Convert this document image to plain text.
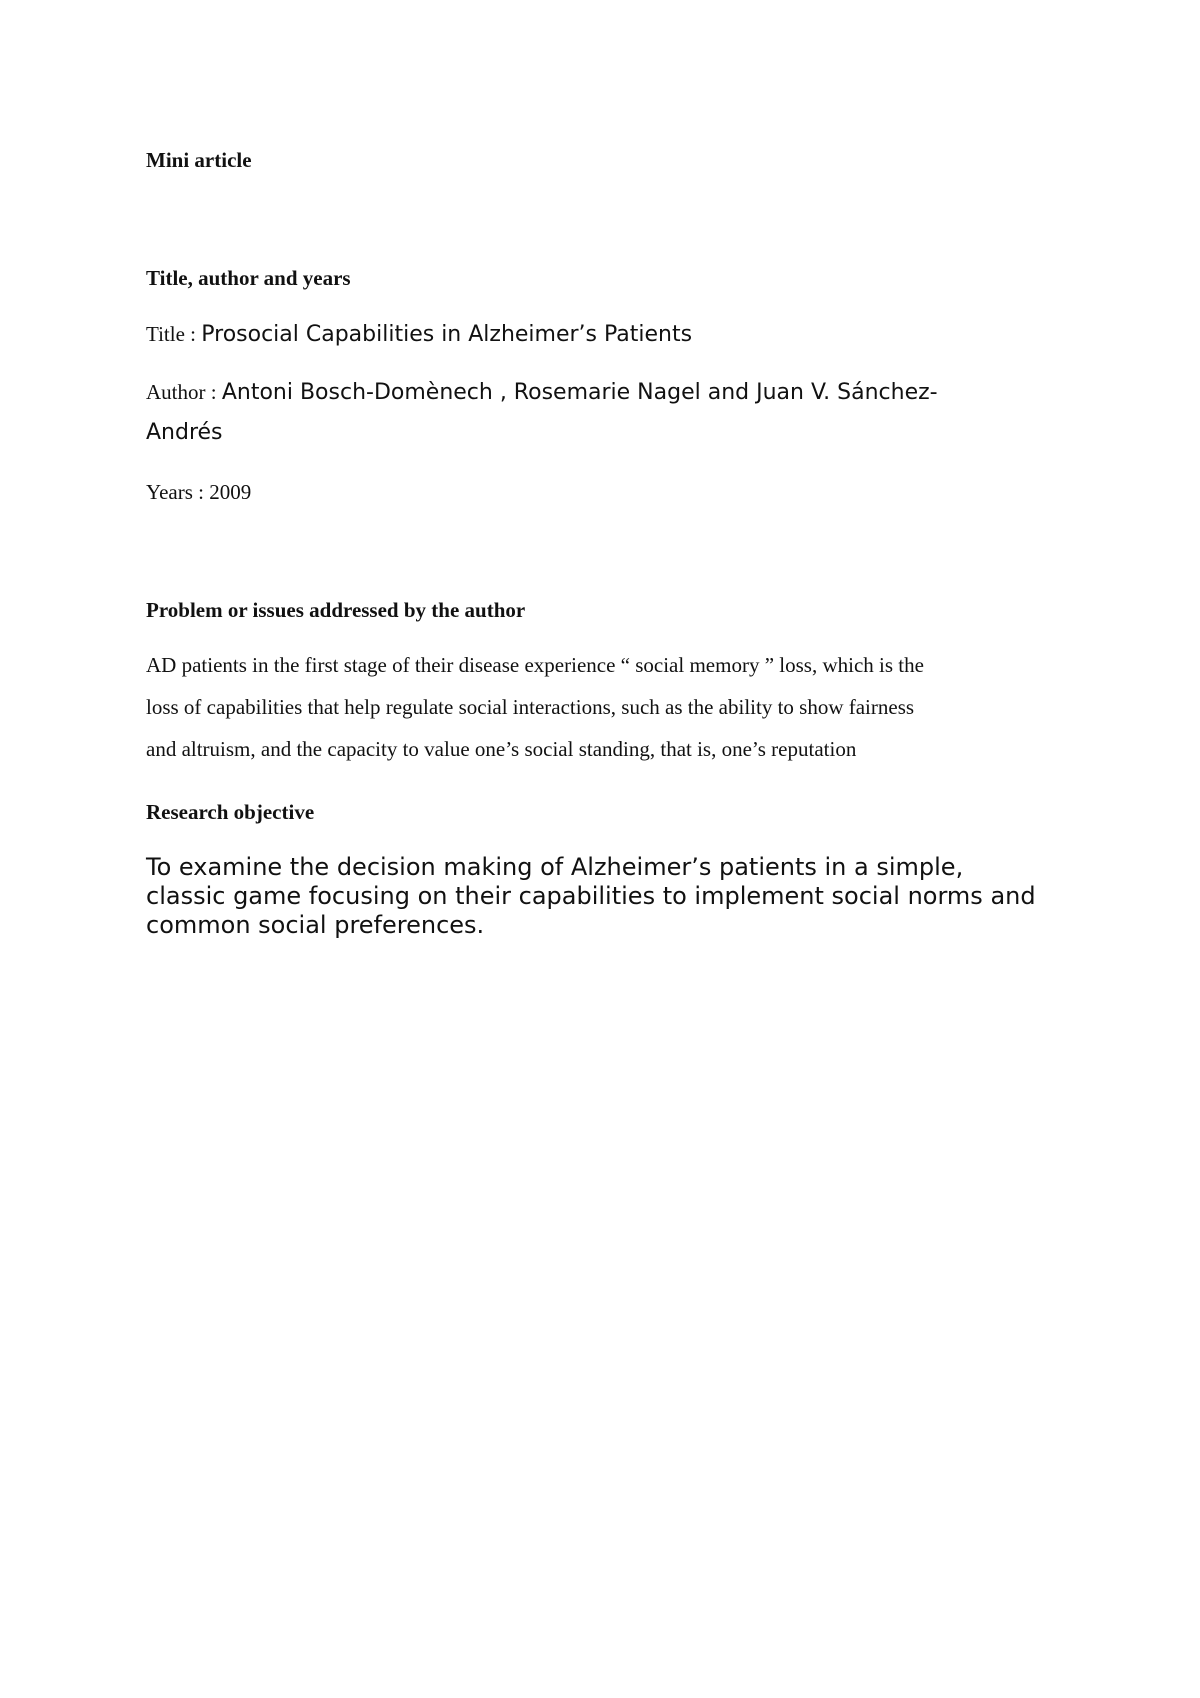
Mini article
Title, author and years

Title : Prosocial Capabilities in Alzheimer’s Patients

Author : Antoni Bosch-Domènech , Rosemarie Nagel and Juan V. Sánchez-

Andrés

Years : 2009

Problem or issues addressed by the author
AD patients in the first stage of their disease experience “ social memory ” loss, which is the
loss of capabilities that help regulate social interactions, such as the ability to show fairness
and altruism, and the capacity to value one’s social standing, that is, one’s reputation
Research objective
To examine the decision making of Alzheimer’s patients in a simple,
classic game focusing on their capabilities to implement social norms and
common social preferences.
